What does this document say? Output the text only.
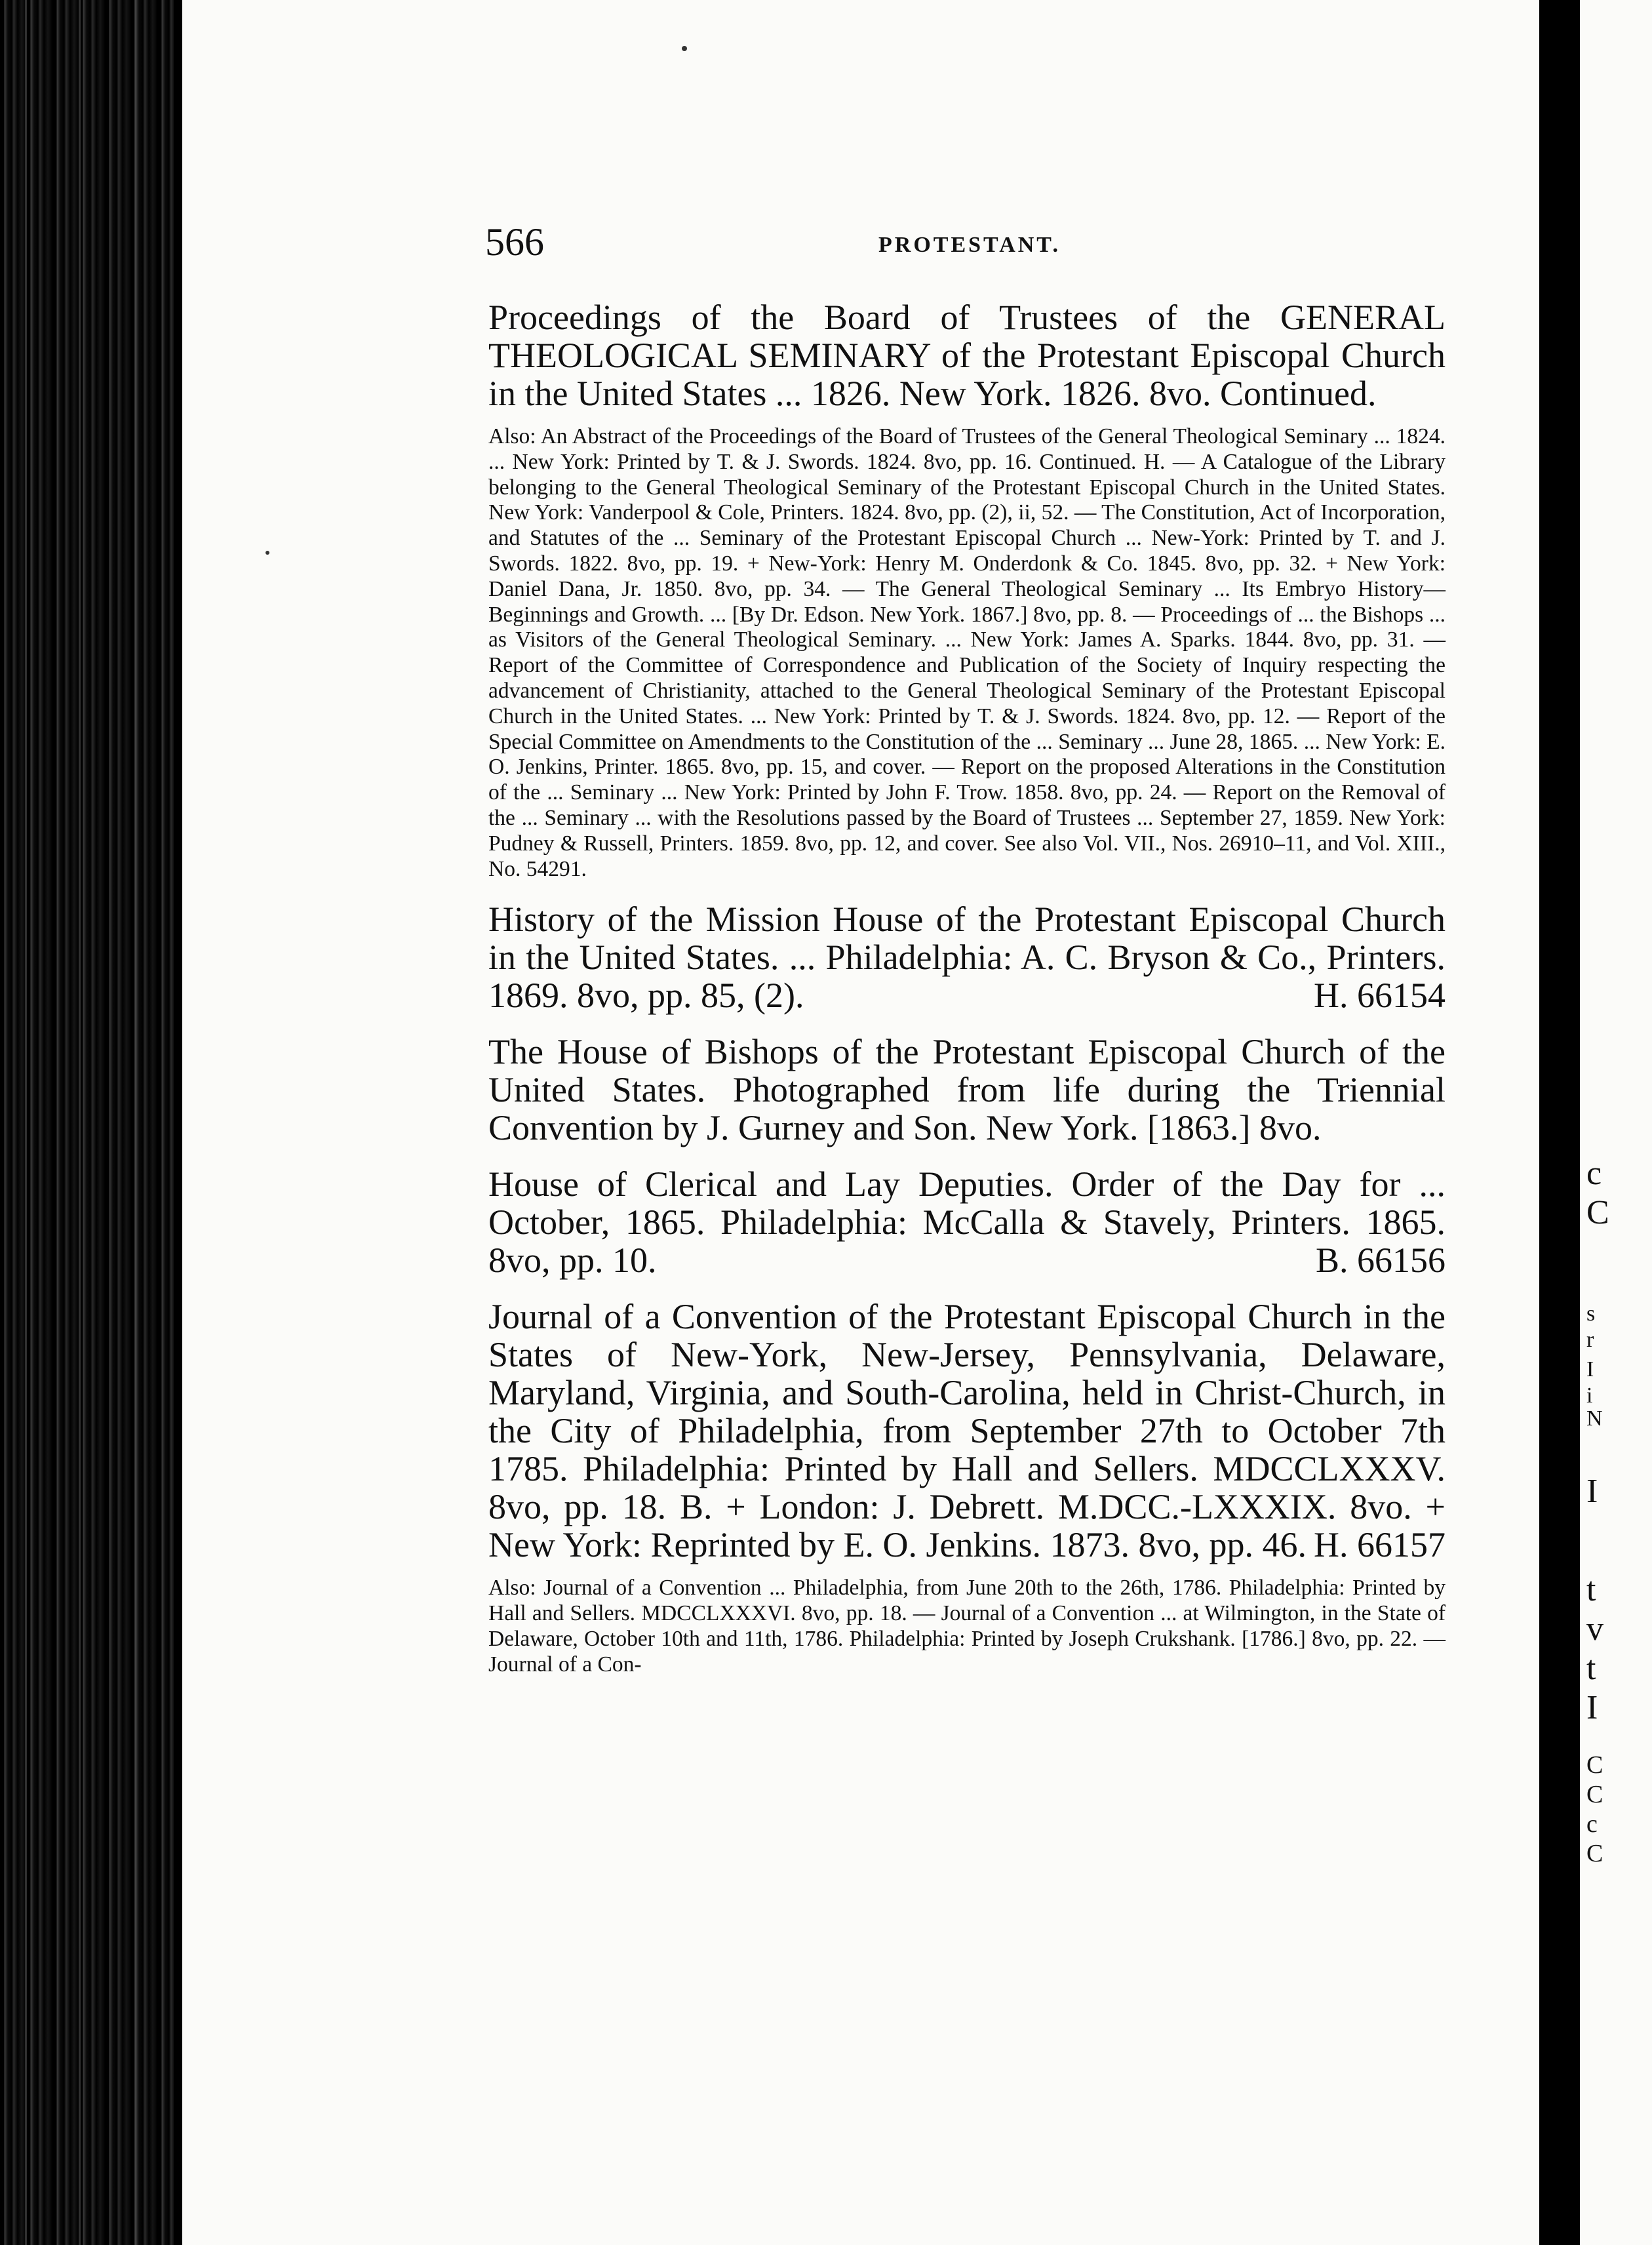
c
C
s
r
I
i
N
I
t
v
t
I
C
C
c
C
566	PROTESTANT.

Proceedings of the Board of Trustees of the GENERAL THEOLOGICAL SEMINARY of the Protestant Episcopal Church in the United States ... 1826. New York. 1826. 8vo. Continued.

Also: An Abstract of the Proceedings of the Board of Trustees of the General Theological Seminary ... 1824. ... New York: Printed by T. & J. Swords. 1824. 8vo, pp. 16. Continued. H. — A Catalogue of the Library belonging to the General Theological Seminary of the Protestant Episcopal Church in the United States. New York: Vanderpool & Cole, Printers. 1824. 8vo, pp. (2), ii, 52. — The Constitution, Act of Incorporation, and Statutes of the ... Seminary of the Protestant Episcopal Church ... New-York: Printed by T. and J. Swords. 1822. 8vo, pp. 19. + New-York: Henry M. Onderdonk & Co. 1845. 8vo, pp. 32. + New York: Daniel Dana, Jr. 1850. 8vo, pp. 34. — The General Theological Seminary ... Its Embryo History—Beginnings and Growth. ... [By Dr. Edson. New York. 1867.] 8vo, pp. 8. — Proceedings of ... the Bishops ... as Visitors of the General Theological Seminary. ... New York: James A. Sparks. 1844. 8vo, pp. 31. — Report of the Committee of Correspondence and Publication of the Society of Inquiry respecting the advancement of Christianity, attached to the General Theological Seminary of the Protestant Episcopal Church in the United States. ... New York: Printed by T. & J. Swords. 1824. 8vo, pp. 12. — Report of the Special Committee on Amendments to the Constitution of the ... Seminary ... June 28, 1865. ... New York: E. O. Jenkins, Printer. 1865. 8vo, pp. 15, and cover. — Report on the proposed Alterations in the Constitution of the ... Seminary ... New York: Printed by John F. Trow. 1858. 8vo, pp. 24. — Report on the Removal of the ... Seminary ... with the Resolutions passed by the Board of Trustees ... September 27, 1859. New York: Pudney & Russell, Printers. 1859. 8vo, pp. 12, and cover. See also Vol. VII., Nos. 26910–11, and Vol. XIII., No. 54291.

History of the Mission House of the Protestant Episcopal Church in the United States. ... Philadelphia: A. C. Bryson & Co., Printers. 1869. 8vo, pp. 85, (2).	H. 66154

The House of Bishops of the Protestant Episcopal Church of the United States. Photographed from life during the Triennial Convention by J. Gurney and Son. New York. [1863.] 8vo.

House of Clerical and Lay Deputies. Order of the Day for ... October, 1865. Philadelphia: McCalla & Stavely, Printers. 1865. 8vo, pp. 10.	B. 66156

Journal of a Convention of the Protestant Episcopal Church in the States of New-York, New-Jersey, Pennsylvania, Delaware, Maryland, Virginia, and South-Carolina, held in Christ-Church, in the City of Philadelphia, from September 27th to October 7th 1785. Philadelphia: Printed by Hall and Sellers. MDCCLXXXV. 8vo, pp. 18. B. + London: J. Debrett. M.DCC.-LXXXIX. 8vo. + New York: Reprinted by E. O. Jenkins. 1873. 8vo, pp. 46. H. 66157

Also: Journal of a Convention ... Philadelphia, from June 20th to the 26th, 1786. Philadelphia: Printed by Hall and Sellers. MDCCLXXXVI. 8vo, pp. 18. — Journal of a Convention ... at Wilmington, in the State of Delaware, October 10th and 11th, 1786. Philadelphia: Printed by Joseph Crukshank. [1786.] 8vo, pp. 22. — Journal of a Con-
